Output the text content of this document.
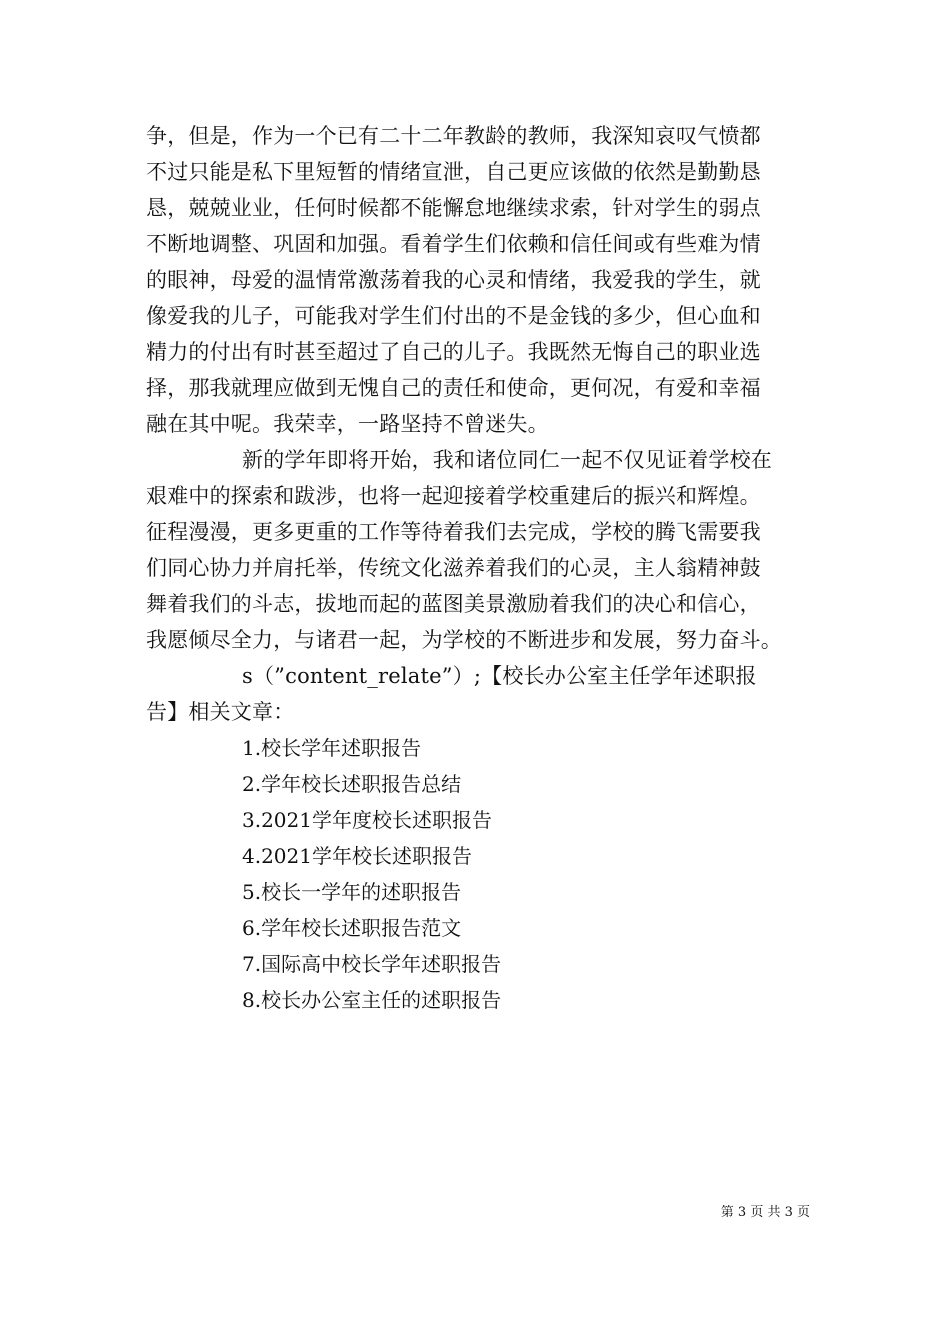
争，但是，作为一个已有二十二年教龄的教师，我深知哀叹气愤都
不过只能是私下里短暂的情绪宣泄，自己更应该做的依然是勤勤恳
恳，兢兢业业，任何时候都不能懈怠地继续求索，针对学生的弱点
不断地调整、巩固和加强。看着学生们依赖和信任间或有些难为情
的眼神，母爱的温情常激荡着我的心灵和情绪，我爱我的学生，就
像爱我的儿子，可能我对学生们付出的不是金钱的多少，但心血和
精力的付出有时甚至超过了自己的儿子。我既然无悔自己的职业选
择，那我就理应做到无愧自己的责任和使命，更何况，有爱和幸福
融在其中呢。我荣幸，一路坚持不曾迷失。
新的学年即将开始，我和诸位同仁一起不仅见证着学校在
艰难中的探索和跋涉，也将一起迎接着学校重建后的振兴和辉煌。
征程漫漫，更多更重的工作等待着我们去完成，学校的腾飞需要我
们同心协力并肩托举，传统文化滋养着我们的心灵，主人翁精神鼓
舞着我们的斗志，拔地而起的蓝图美景激励着我们的决心和信心，
我愿倾尽全力，与诸君一起，为学校的不断进步和发展，努力奋斗。
s（”content_relate”）;【校长办公室主任学年述职报
告】相关文章：
1.校长学年述职报告
2.学年校长述职报告总结
3.2021学年度校长述职报告
4.2021学年校长述职报告
5.校长一学年的述职报告
6.学年校长述职报告范文
7.国际高中校长学年述职报告
8.校长办公室主任的述职报告
第 3 页 共 3 页
